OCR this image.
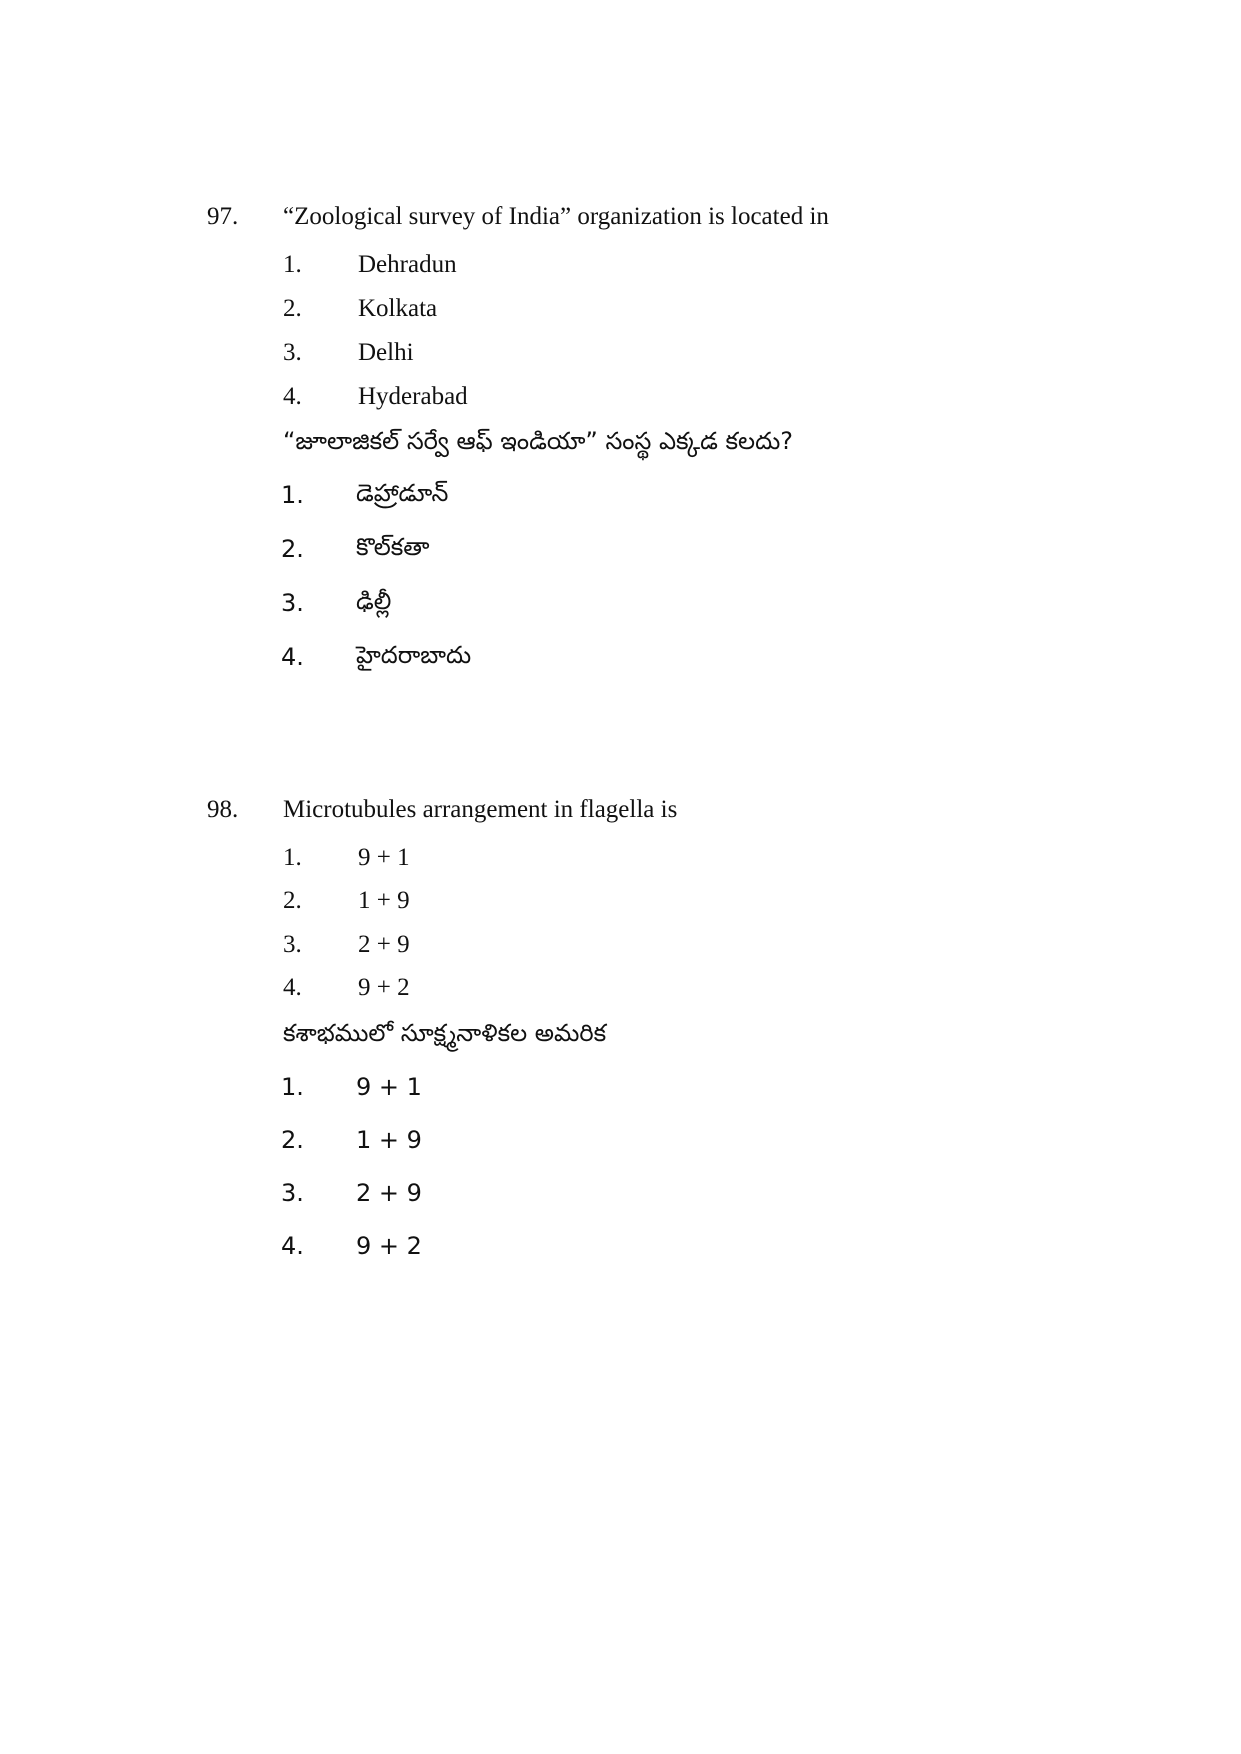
97. “Zoological survey of India” organization is located in
1. Dehradun
2. Kolkata
3. Delhi
4. Hyderabad
“జూలాజికల్ సర్వే ఆఫ్ ఇండియా” సంస్థ ఎక్కడ కలదు?
1. డెహ్రాడూన్
2. కొల్‌కతా
3. ఢిల్లీ
4. హైదరాబాదు
98. Microtubules arrangement in flagella is
1. 9 + 1
2. 1 + 9
3. 2 + 9
4. 9 + 2
కశాభములో సూక్ష్మనాళికల అమరిక
1. 9 + 1
2. 1 + 9
3. 2 + 9
4. 9 + 2
